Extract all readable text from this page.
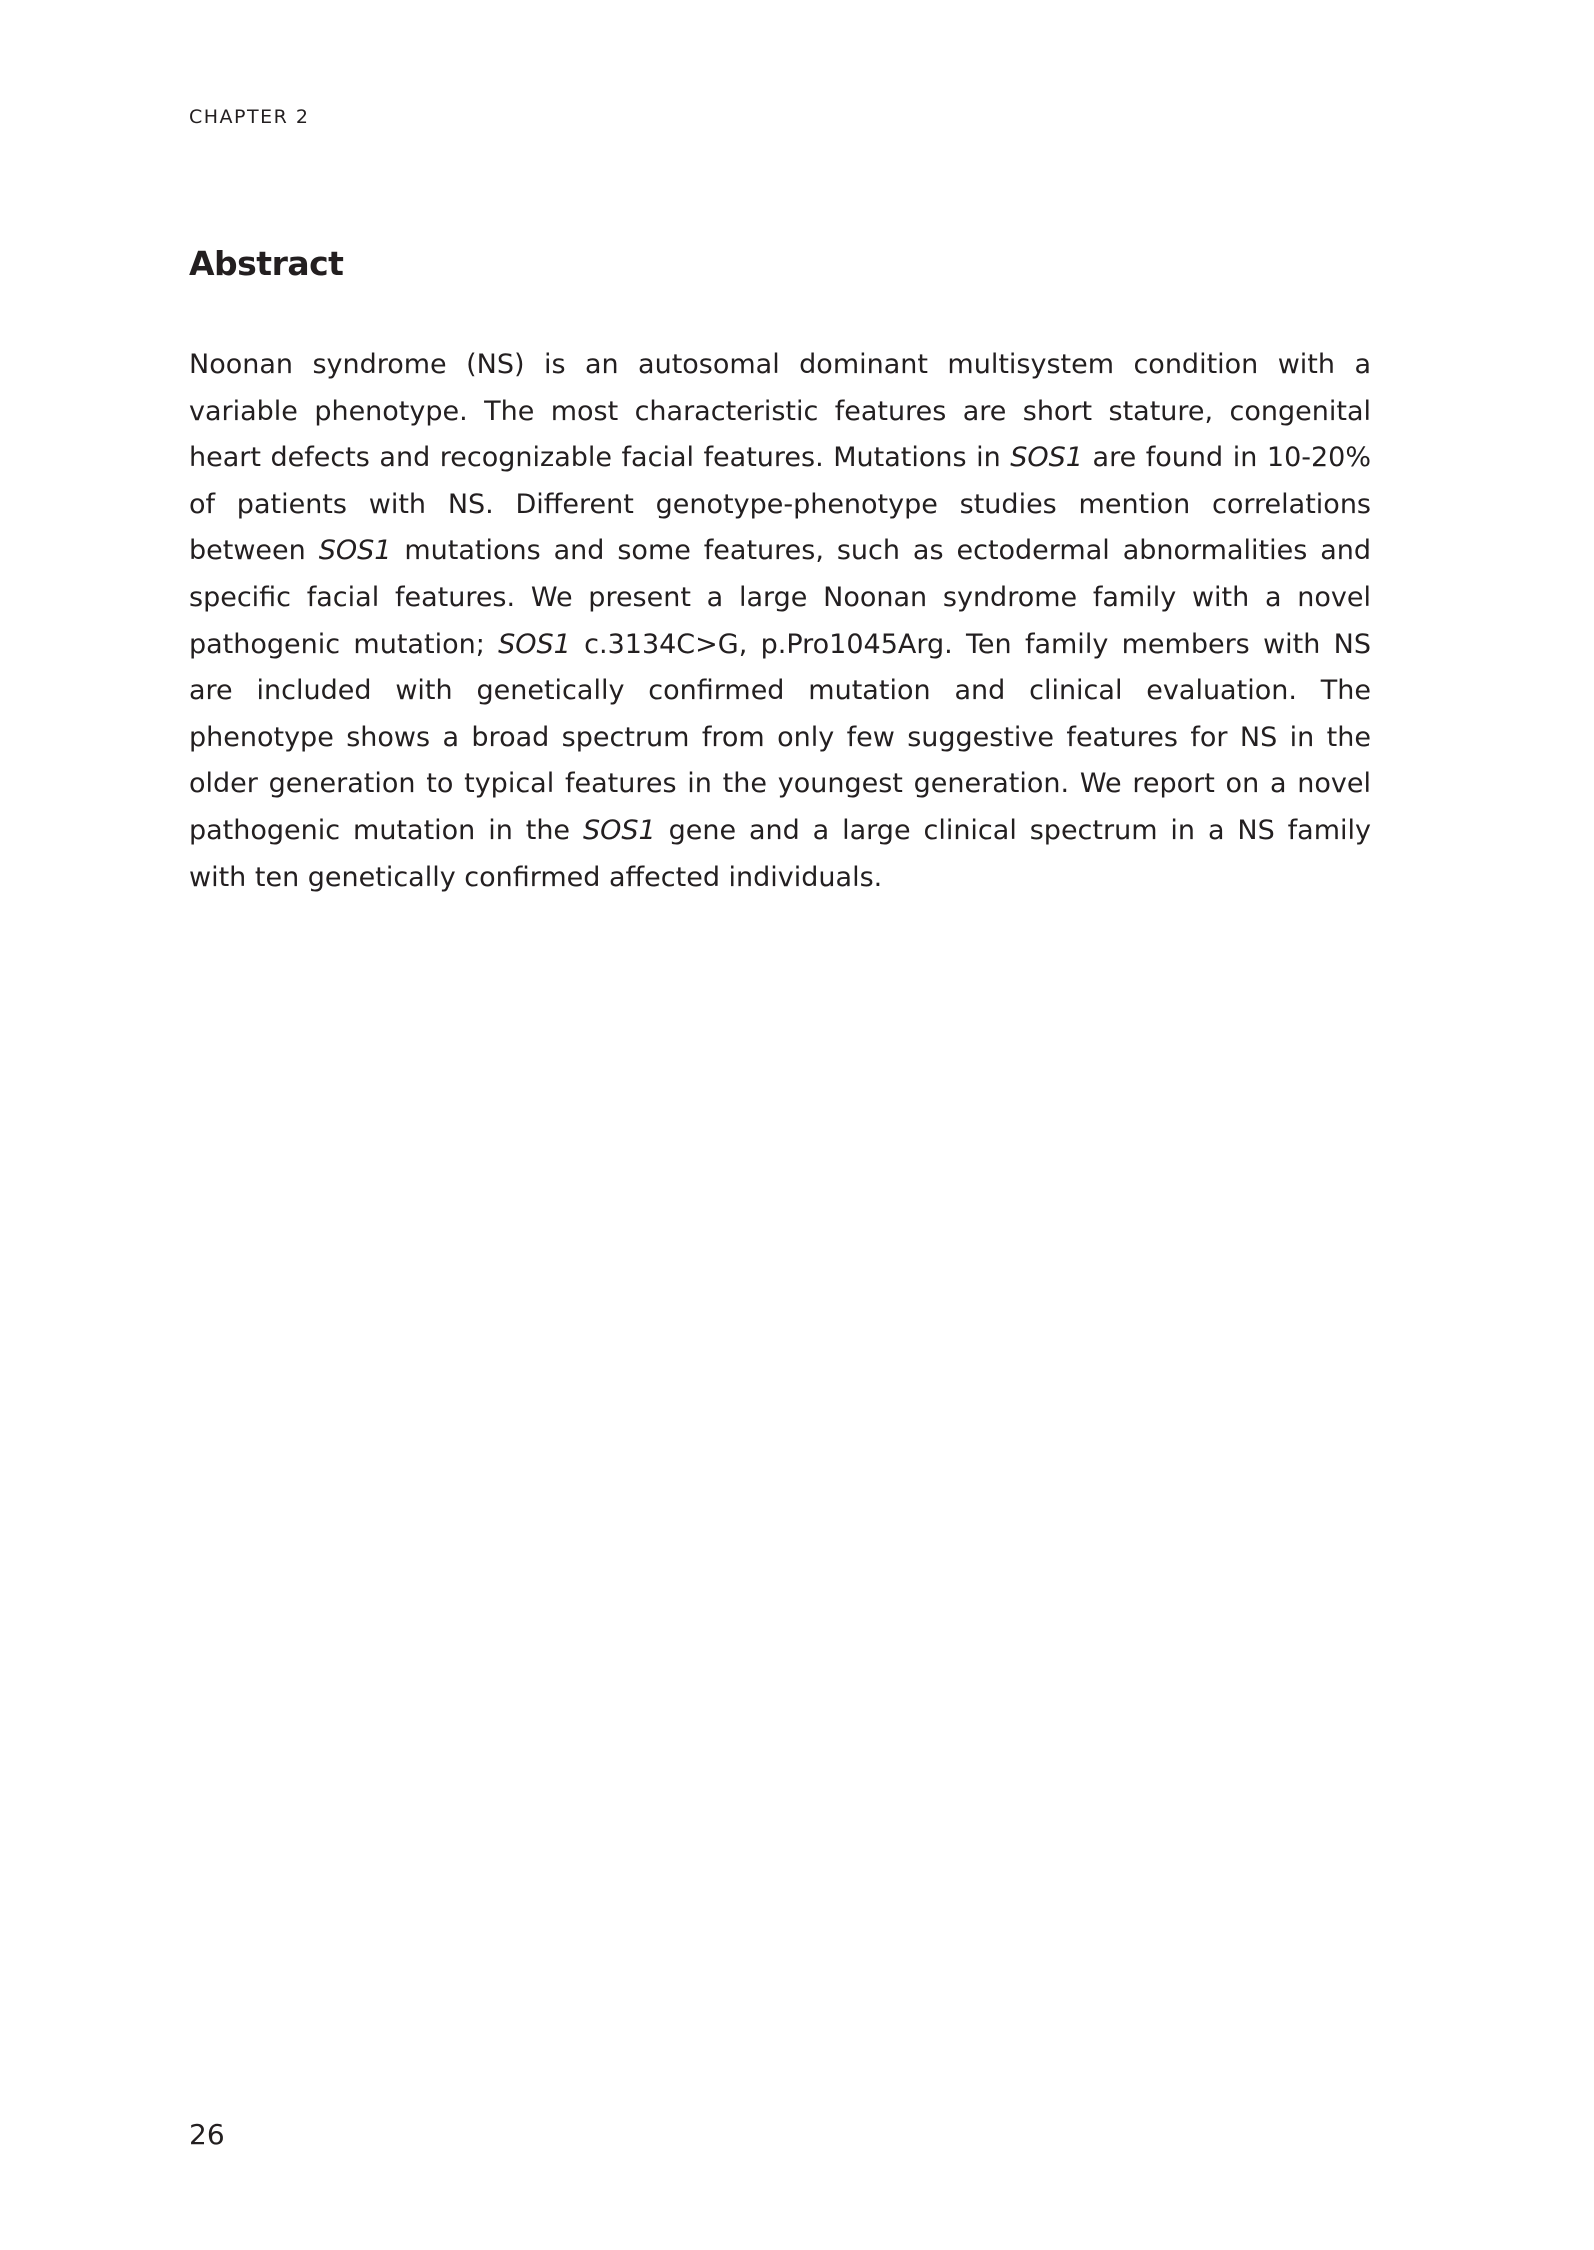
CHAPTER 2
Abstract

Noonan syndrome (NS) is an autosomal dominant multisystem condition with a variable phenotype. The most characteristic features are short stature, congenital heart defects and recognizable facial features. Mutations in SOS1 are found in 10-20% of patients with NS. Different genotype-phenotype studies mention correlations between SOS1 mutations and some features, such as ectodermal abnormalities and specific facial features. We present a large Noonan syndrome family with a novel pathogenic mutation; SOS1 c.3134C>G, p.Pro1045Arg. Ten family members with NS are included with genetically confirmed mutation and clinical evaluation. The phenotype shows a broad spectrum from only few suggestive features for NS in the older generation to typical features in the youngest generation. We report on a novel pathogenic mutation in the SOS1 gene and a large clinical spectrum in a NS family with ten genetically confirmed affected individuals.

26
